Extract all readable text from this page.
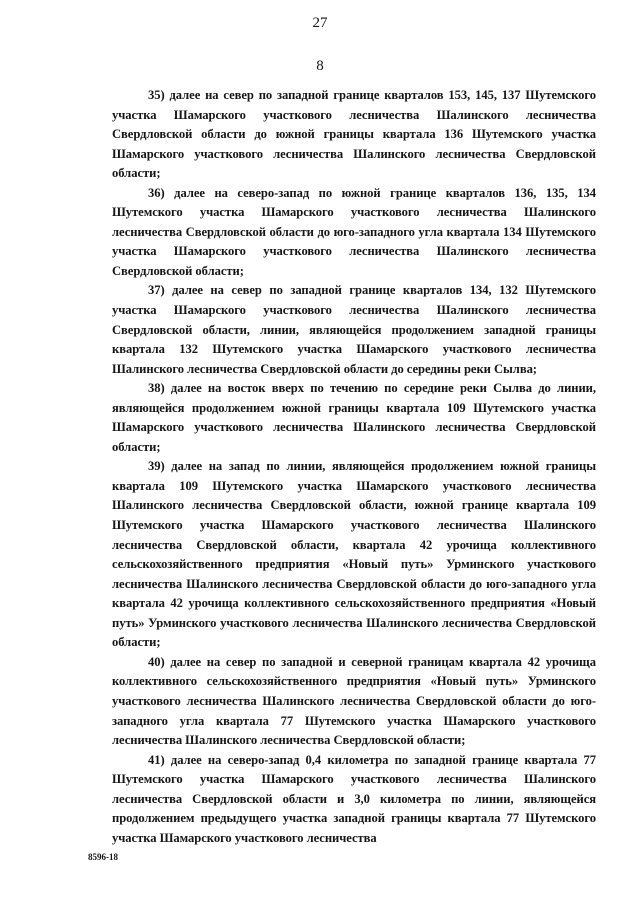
27
8

35) далее на север по западной границе кварталов 153, 145, 137 Шутемского участка Шамарского участкового лесничества Шалинского лесничества Свердловской области до южной границы квартала 136 Шутемского участка Шамарского участкового лесничества Шалинского лесничества Свердловской области;

36) далее на северо-запад по южной границе кварталов 136, 135, 134 Шутемского участка Шамарского участкового лесничества Шалинского лесничества Свердловской области до юго-западного угла квартала 134 Шутемского участка Шамарского участкового лесничества Шалинского лесничества Свердловской области;

37) далее на север по западной границе кварталов 134, 132 Шутемского участка Шамарского участкового лесничества Шалинского лесничества Свердловской области, линии, являющейся продолжением западной границы квартала 132 Шутемского участка Шамарского участкового лесничества Шалинского лесничества Свердловской области до середины реки Сылва;

38) далее на восток вверх по течению по середине реки Сылва до линии, являющейся продолжением южной границы квартала 109 Шутемского участка Шамарского участкового лесничества Шалинского лесничества Свердловской области;

39) далее на запад по линии, являющейся продолжением южной границы квартала 109 Шутемского участка Шамарского участкового лесничества Шалинского лесничества Свердловской области, южной границе квартала 109 Шутемского участка Шамарского участкового лесничества Шалинского лесничества Свердловской области, квартала 42 урочища коллективного сельскохозяйственного предприятия «Новый путь» Урминского участкового лесничества Шалинского лесничества Свердловской области до юго-западного угла квартала 42 урочища коллективного сельскохозяйственного предприятия «Новый путь» Урминского участкового лесничества Шалинского лесничества Свердловской области;

40) далее на север по западной и северной границам квартала 42 урочища коллективного сельскохозяйственного предприятия «Новый путь» Урминского участкового лесничества Шалинского лесничества Свердловской области до юго-западного угла квартала 77 Шутемского участка Шамарского участкового лесничества Шалинского лесничества Свердловской области;

41) далее на северо-запад 0,4 километра по западной границе квартала 77 Шутемского участка Шамарского участкового лесничества Шалинского лесничества Свердловской области и 3,0 километра по линии, являющейся продолжением предыдущего участка западной границы квартала 77 Шутемского участка Шамарского участкового лесничества

8596-18
